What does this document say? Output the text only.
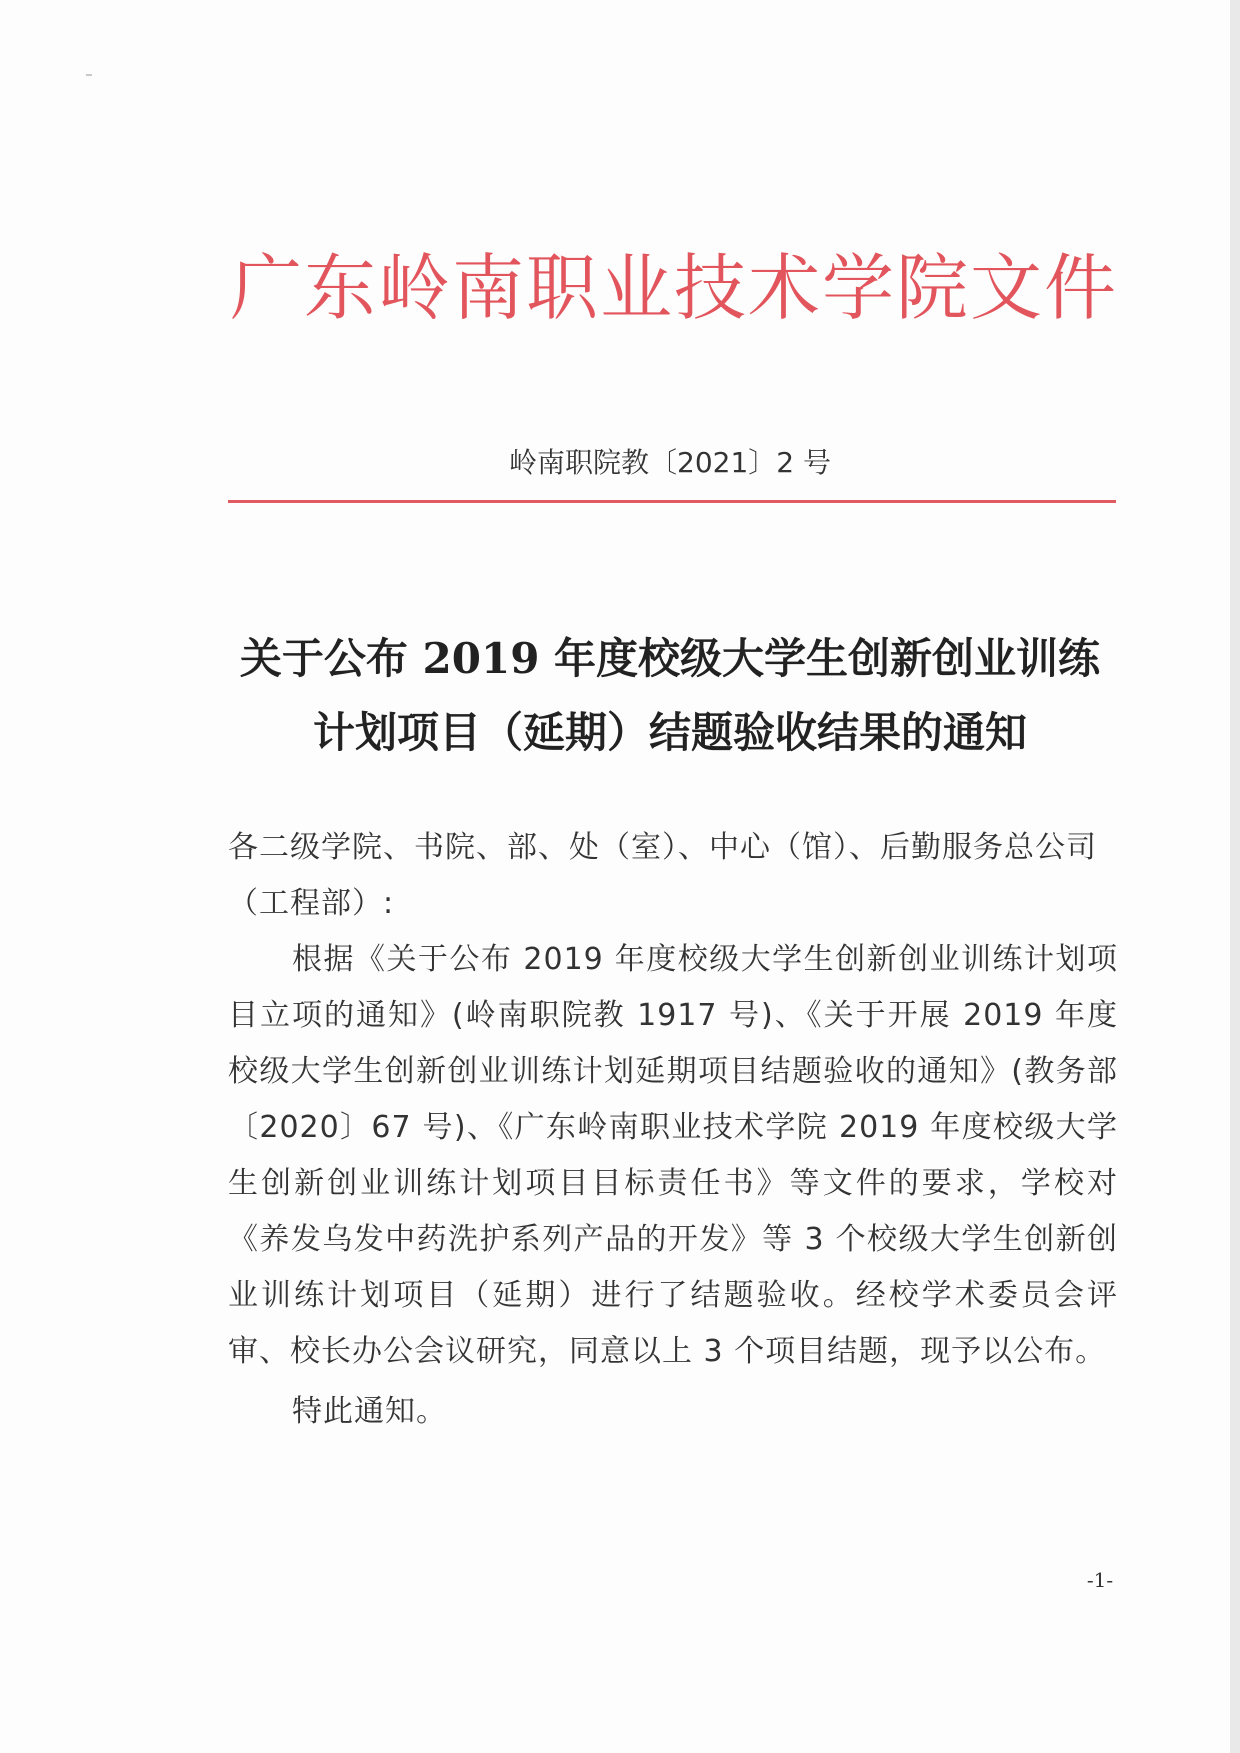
广东岭南职业技术学院文件
岭南职院教〔2021〕2 号
关于公布 2019 年度校级大学生创新创业训练
计划项目（延期）结题验收结果的通知
各二级学院、书院、部、处（室）、中心（馆）、后勤服务总公司（工程部）:
根据《关于公布 2019 年度校级大学生创新创业训练计划项目立项的通知》(岭南职院教 1917 号)、《关于开展 2019 年度校级大学生创新创业训练计划延期项目结题验收的通知》(教务部〔2020〕67 号)、《广东岭南职业技术学院 2019 年度校级大学生创新创业训练计划项目目标责任书》等文件的要求，学校对《养发乌发中药洗护系列产品的开发》等 3 个校级大学生创新创业训练计划项目（延期）进行了结题验收。经校学术委员会评审、校长办公会议研究，同意以上 3 个项目结题，现予以公布。
特此通知。
-1-
